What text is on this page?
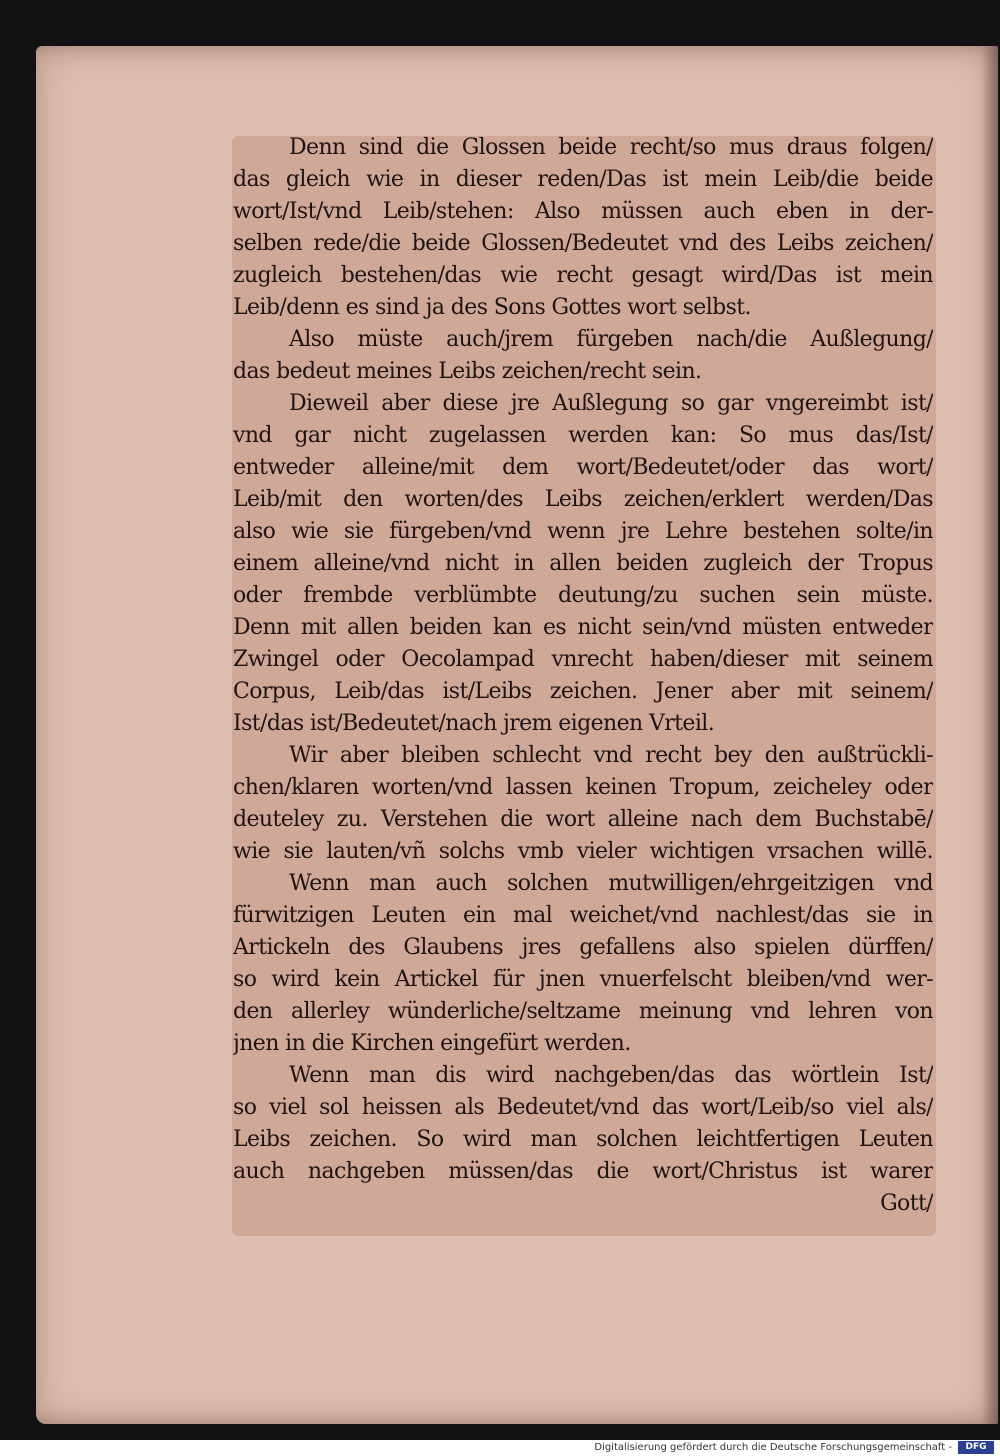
Denn sind die Glossen beide recht/so mus draus folgen/
das gleich wie in dieser reden/Das ist mein Leib/die beide
wort/Ist/vnd Leib/stehen: Also müssen auch eben in der-
selben rede/die beide Glossen/Bedeutet vnd des Leibs zeichen/
zugleich bestehen/das wie recht gesagt wird/Das ist mein
Leib/denn es sind ja des Sons Gottes wort selbst.
Also müste auch/jrem fürgeben nach/die Außlegung/
das bedeut meines Leibs zeichen/recht sein.
Dieweil aber diese jre Außlegung so gar vngereimbt ist/
vnd gar nicht zugelassen werden kan: So mus das/Ist/
entweder alleine/mit dem wort/Bedeutet/oder das wort/
Leib/mit den worten/des Leibs zeichen/erklert werden/Das
also wie sie fürgeben/vnd wenn jre Lehre bestehen solte/in
einem alleine/vnd nicht in allen beiden zugleich der Tropus
oder frembde verblümbte deutung/zu suchen sein müste.
Denn mit allen beiden kan es nicht sein/vnd müsten entweder
Zwingel oder Oecolampad vnrecht haben/dieser mit seinem
Corpus, Leib/das ist/Leibs zeichen. Jener aber mit seinem/
Ist/das ist/Bedeutet/nach jrem eigenen Vrteil.
Wir aber bleiben schlecht vnd recht bey den außtrückli-
chen/klaren worten/vnd lassen keinen Tropum, zeicheley oder
deuteley zu. Verstehen die wort alleine nach dem Buchstabē/
wie sie lauten/vñ solchs vmb vieler wichtigen vrsachen willē.
Wenn man auch solchen mutwilligen/ehrgeitzigen vnd
fürwitzigen Leuten ein mal weichet/vnd nachlest/das sie in
Artickeln des Glaubens jres gefallens also spielen dürffen/
so wird kein Artickel für jnen vnuerfelscht bleiben/vnd wer-
den allerley wünderliche/seltzame meinung vnd lehren von
jnen in die Kirchen eingefürt werden.
Wenn man dis wird nachgeben/das das wörtlein Ist/
so viel sol heissen als Bedeutet/vnd das wort/Leib/so viel als/
Leibs zeichen. So wird man solchen leichtfertigen Leuten
auch nachgeben müssen/das die wort/Christus ist warer
Gott/
Digitalisierung gefördert durch die Deutsche Forschungsgemeinschaft -	DFG
